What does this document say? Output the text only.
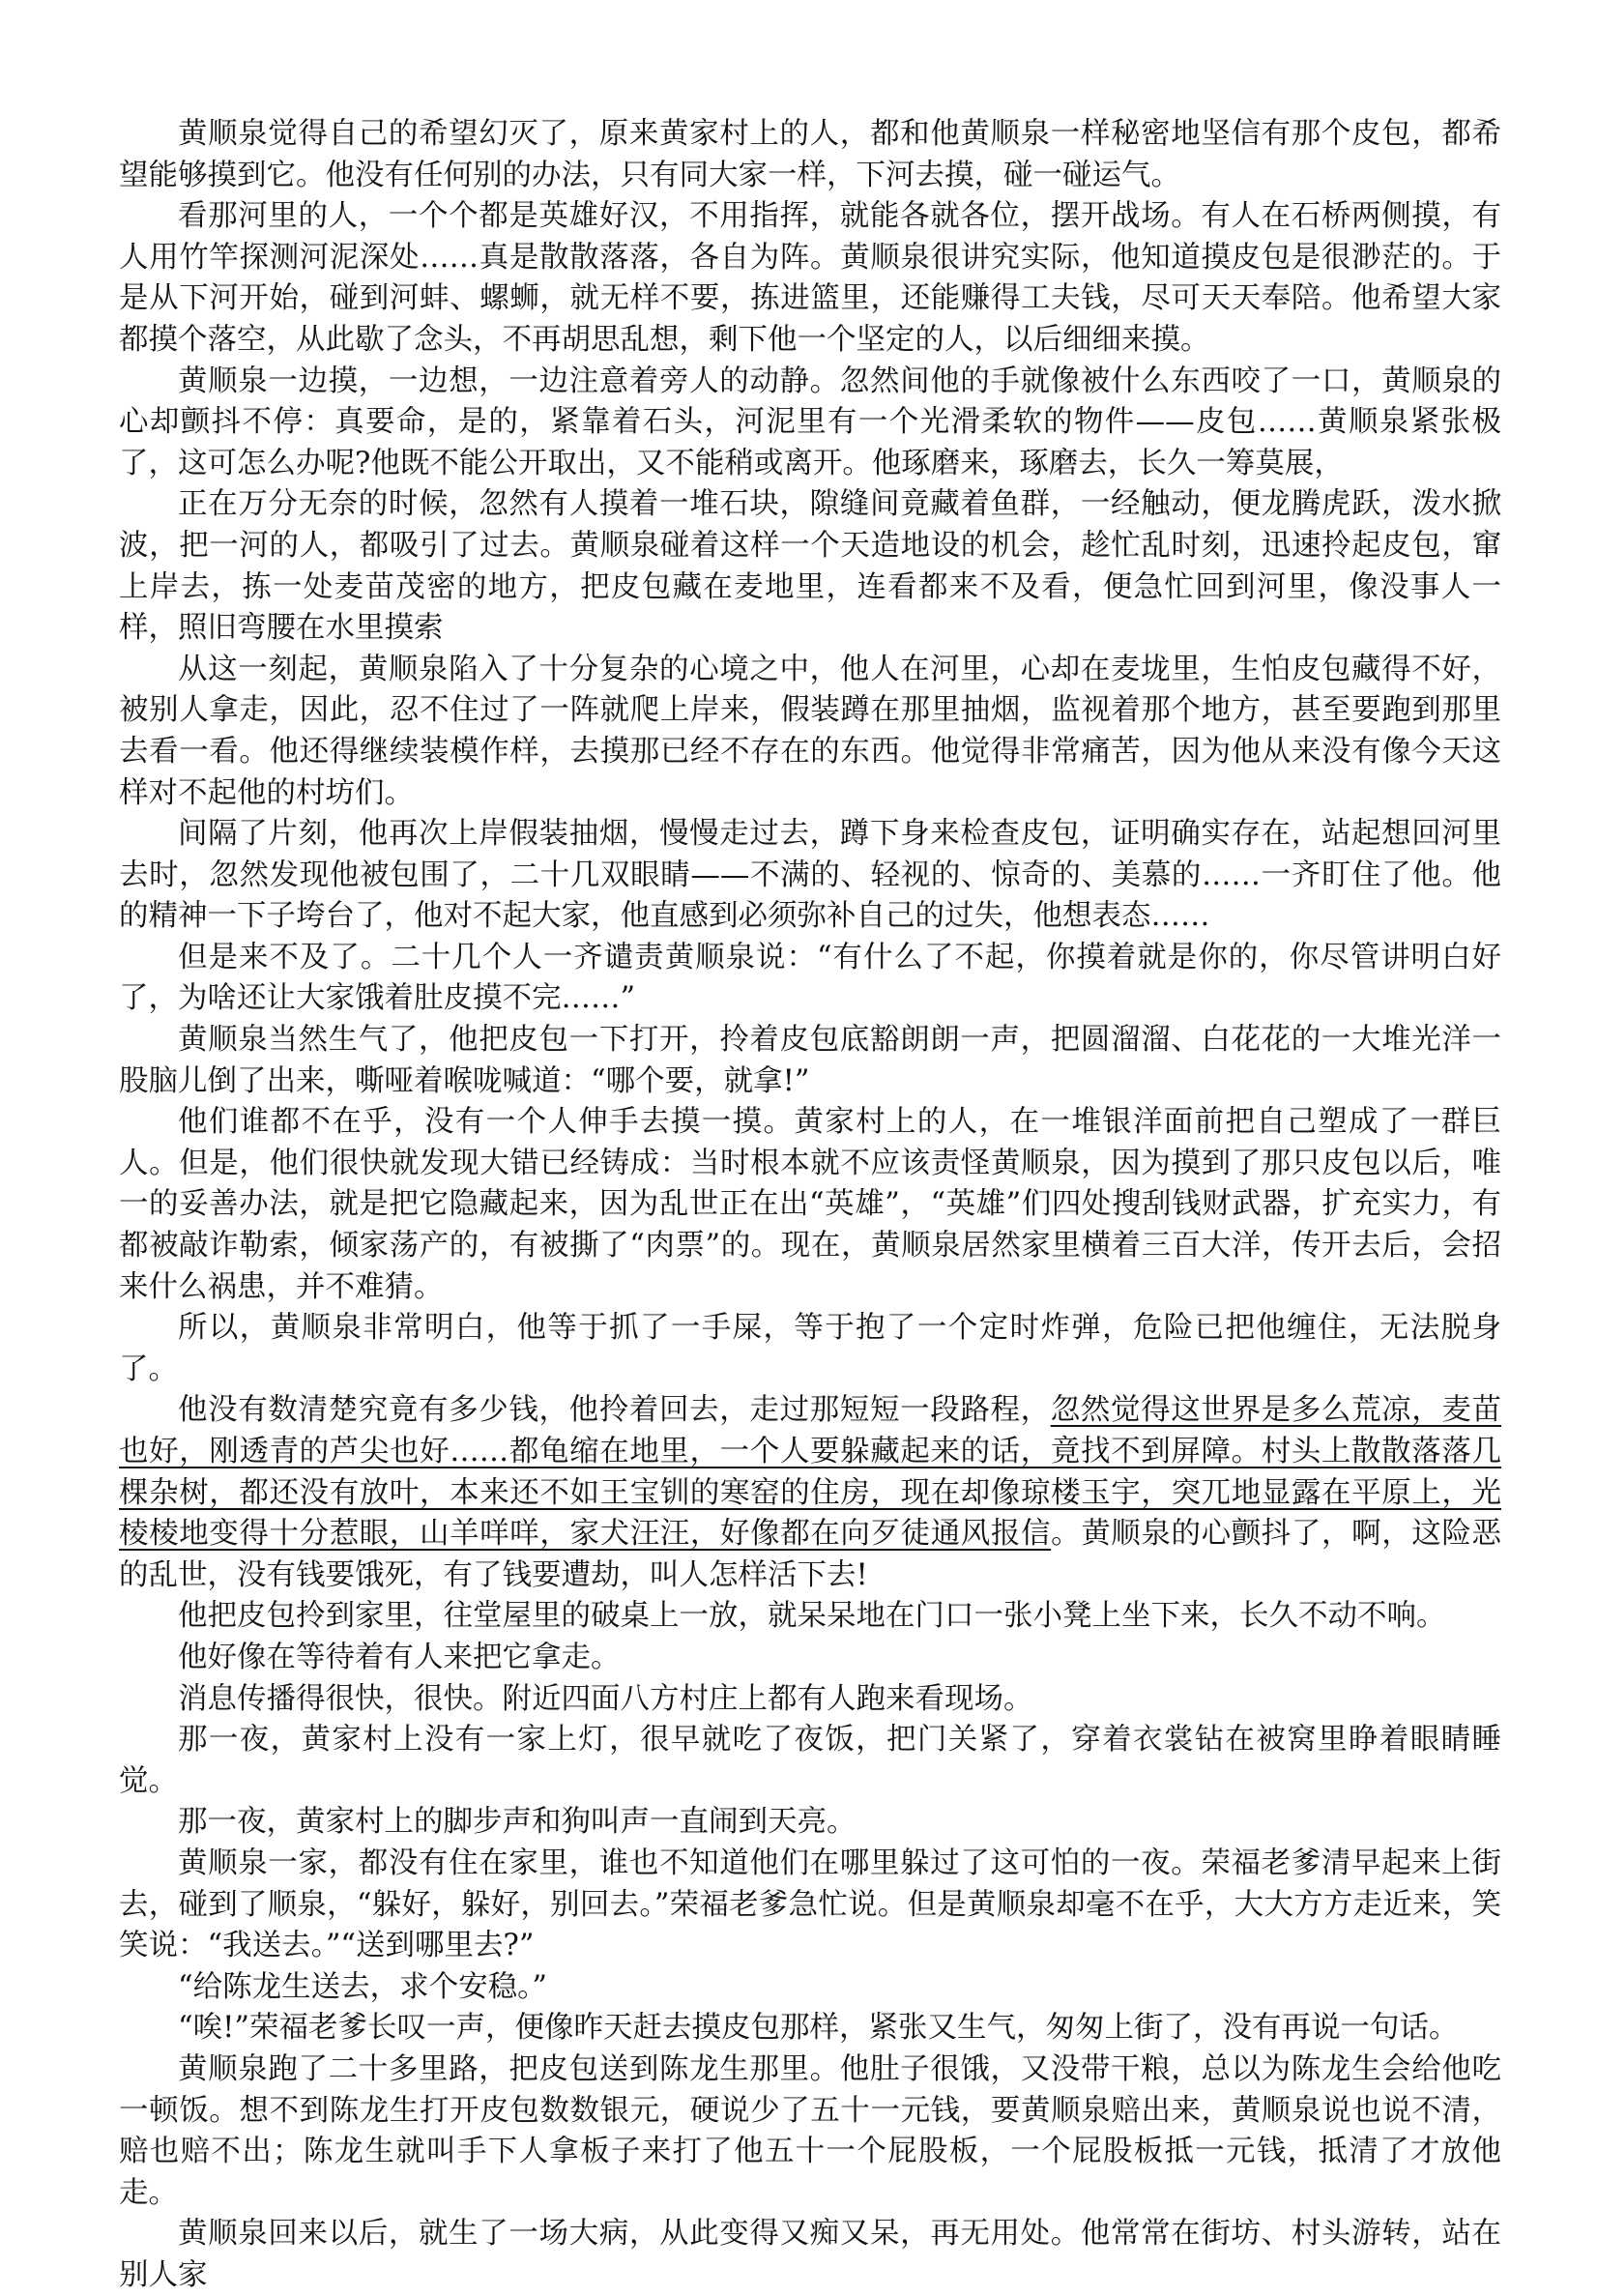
黄顺泉觉得自己的希望幻灭了，原来黄家村上的人，都和他黄顺泉一样秘密地坚信有那个皮包，都希望能够摸到它。他没有任何别的办法，只有同大家一样，下河去摸，碰一碰运气。

看那河里的人，一个个都是英雄好汉，不用指挥，就能各就各位，摆开战场。有人在石桥两侧摸，有人用竹竿探测河泥深处……真是散散落落，各自为阵。黄顺泉很讲究实际，他知道摸皮包是很渺茫的。于是从下河开始，碰到河蚌、螺蛳，就无样不要，拣进篮里，还能赚得工夫钱，尽可天天奉陪。他希望大家都摸个落空，从此歇了念头，不再胡思乱想，剩下他一个坚定的人，以后细细来摸。

黄顺泉一边摸，一边想，一边注意着旁人的动静。忽然间他的手就像被什么东西咬了一口，黄顺泉的心却颤抖不停：真要命，是的，紧靠着石头，河泥里有一个光滑柔软的物件——皮包……黄顺泉紧张极了，这可怎么办呢?他既不能公开取出，又不能稍或离开。他琢磨来，琢磨去，长久一筹莫展，

正在万分无奈的时候，忽然有人摸着一堆石块，隙缝间竟藏着鱼群，一经触动，便龙腾虎跃，泼水掀波，把一河的人，都吸引了过去。黄顺泉碰着这样一个天造地设的机会，趁忙乱时刻，迅速拎起皮包，窜上岸去，拣一处麦苗茂密的地方，把皮包藏在麦地里，连看都来不及看，便急忙回到河里，像没事人一样，照旧弯腰在水里摸索

从这一刻起，黄顺泉陷入了十分复杂的心境之中，他人在河里，心却在麦垅里，生怕皮包藏得不好，被别人拿走，因此，忍不住过了一阵就爬上岸来，假装蹲在那里抽烟，监视着那个地方，甚至要跑到那里去看一看。他还得继续装模作样，去摸那已经不存在的东西。他觉得非常痛苦，因为他从来没有像今天这样对不起他的村坊们。

间隔了片刻，他再次上岸假装抽烟，慢慢走过去，蹲下身来检查皮包，证明确实存在，站起想回河里去时，忽然发现他被包围了，二十几双眼睛——不满的、轻视的、惊奇的、美慕的……一齐盯住了他。他的精神一下子垮台了，他对不起大家，他直感到必须弥补自己的过失，他想表态……

但是来不及了。二十几个人一齐谴责黄顺泉说：“有什么了不起，你摸着就是你的，你尽管讲明白好了，为啥还让大家饿着肚皮摸不完……”

黄顺泉当然生气了，他把皮包一下打开，拎着皮包底豁朗朗一声，把圆溜溜、白花花的一大堆光洋一股脑儿倒了出来，嘶哑着喉咙喊道：“哪个要，就拿!”

他们谁都不在乎，没有一个人伸手去摸一摸。黄家村上的人，在一堆银洋面前把自己塑成了一群巨人。但是，他们很快就发现大错已经铸成：当时根本就不应该责怪黄顺泉，因为摸到了那只皮包以后，唯一的妥善办法，就是把它隐藏起来，因为乱世正在出“英雄”，“英雄”们四处搜刮钱财武器，扩充实力，有都被敲诈勒索，倾家荡产的，有被撕了“肉票”的。现在，黄顺泉居然家里横着三百大洋，传开去后，会招来什么祸患，并不难猜。

所以，黄顺泉非常明白，他等于抓了一手屎，等于抱了一个定时炸弹，危险已把他缠住，无法脱身了。

他没有数清楚究竟有多少钱，他拎着回去，走过那短短一段路程，忽然觉得这世界是多么荒凉，麦苗也好，刚透青的芦尖也好……都龟缩在地里，一个人要躲藏起来的话，竟找不到屏障。村头上散散落落几棵杂树，都还没有放叶，本来还不如王宝钏的寒窑的住房，现在却像琼楼玉宇，突兀地显露在平原上，光棱棱地变得十分惹眼，山羊咩咩，家犬汪汪，好像都在向歹徒通风报信。黄顺泉的心颤抖了，啊，这险恶的乱世，没有钱要饿死，有了钱要遭劫，叫人怎样活下去!

他把皮包拎到家里，往堂屋里的破桌上一放，就呆呆地在门口一张小凳上坐下来，长久不动不响。

他好像在等待着有人来把它拿走。

消息传播得很快，很快。附近四面八方村庄上都有人跑来看现场。

那一夜，黄家村上没有一家上灯，很早就吃了夜饭，把门关紧了，穿着衣裳钻在被窝里睁着眼睛睡觉。

那一夜，黄家村上的脚步声和狗叫声一直闹到天亮。

黄顺泉一家，都没有住在家里，谁也不知道他们在哪里躲过了这可怕的一夜。荣福老爹清早起来上街去，碰到了顺泉，“躲好，躲好，别回去。”荣福老爹急忙说。但是黄顺泉却毫不在乎，大大方方走近来，笑笑说：“我送去。”“送到哪里去?”

“给陈龙生送去，求个安稳。”

“唉!”荣福老爹长叹一声，便像昨天赶去摸皮包那样，紧张又生气，匆匆上街了，没有再说一句话。

黄顺泉跑了二十多里路，把皮包送到陈龙生那里。他肚子很饿，又没带干粮，总以为陈龙生会给他吃一顿饭。想不到陈龙生打开皮包数数银元，硬说少了五十一元钱，要黄顺泉赔出来，黄顺泉说也说不清，赔也赔不出；陈龙生就叫手下人拿板子来打了他五十一个屁股板，一个屁股板抵一元钱，抵清了才放他走。

黄顺泉回来以后，就生了一场大病，从此变得又痴又呆，再无用处。他常常在街坊、村头游转，站在别人家
